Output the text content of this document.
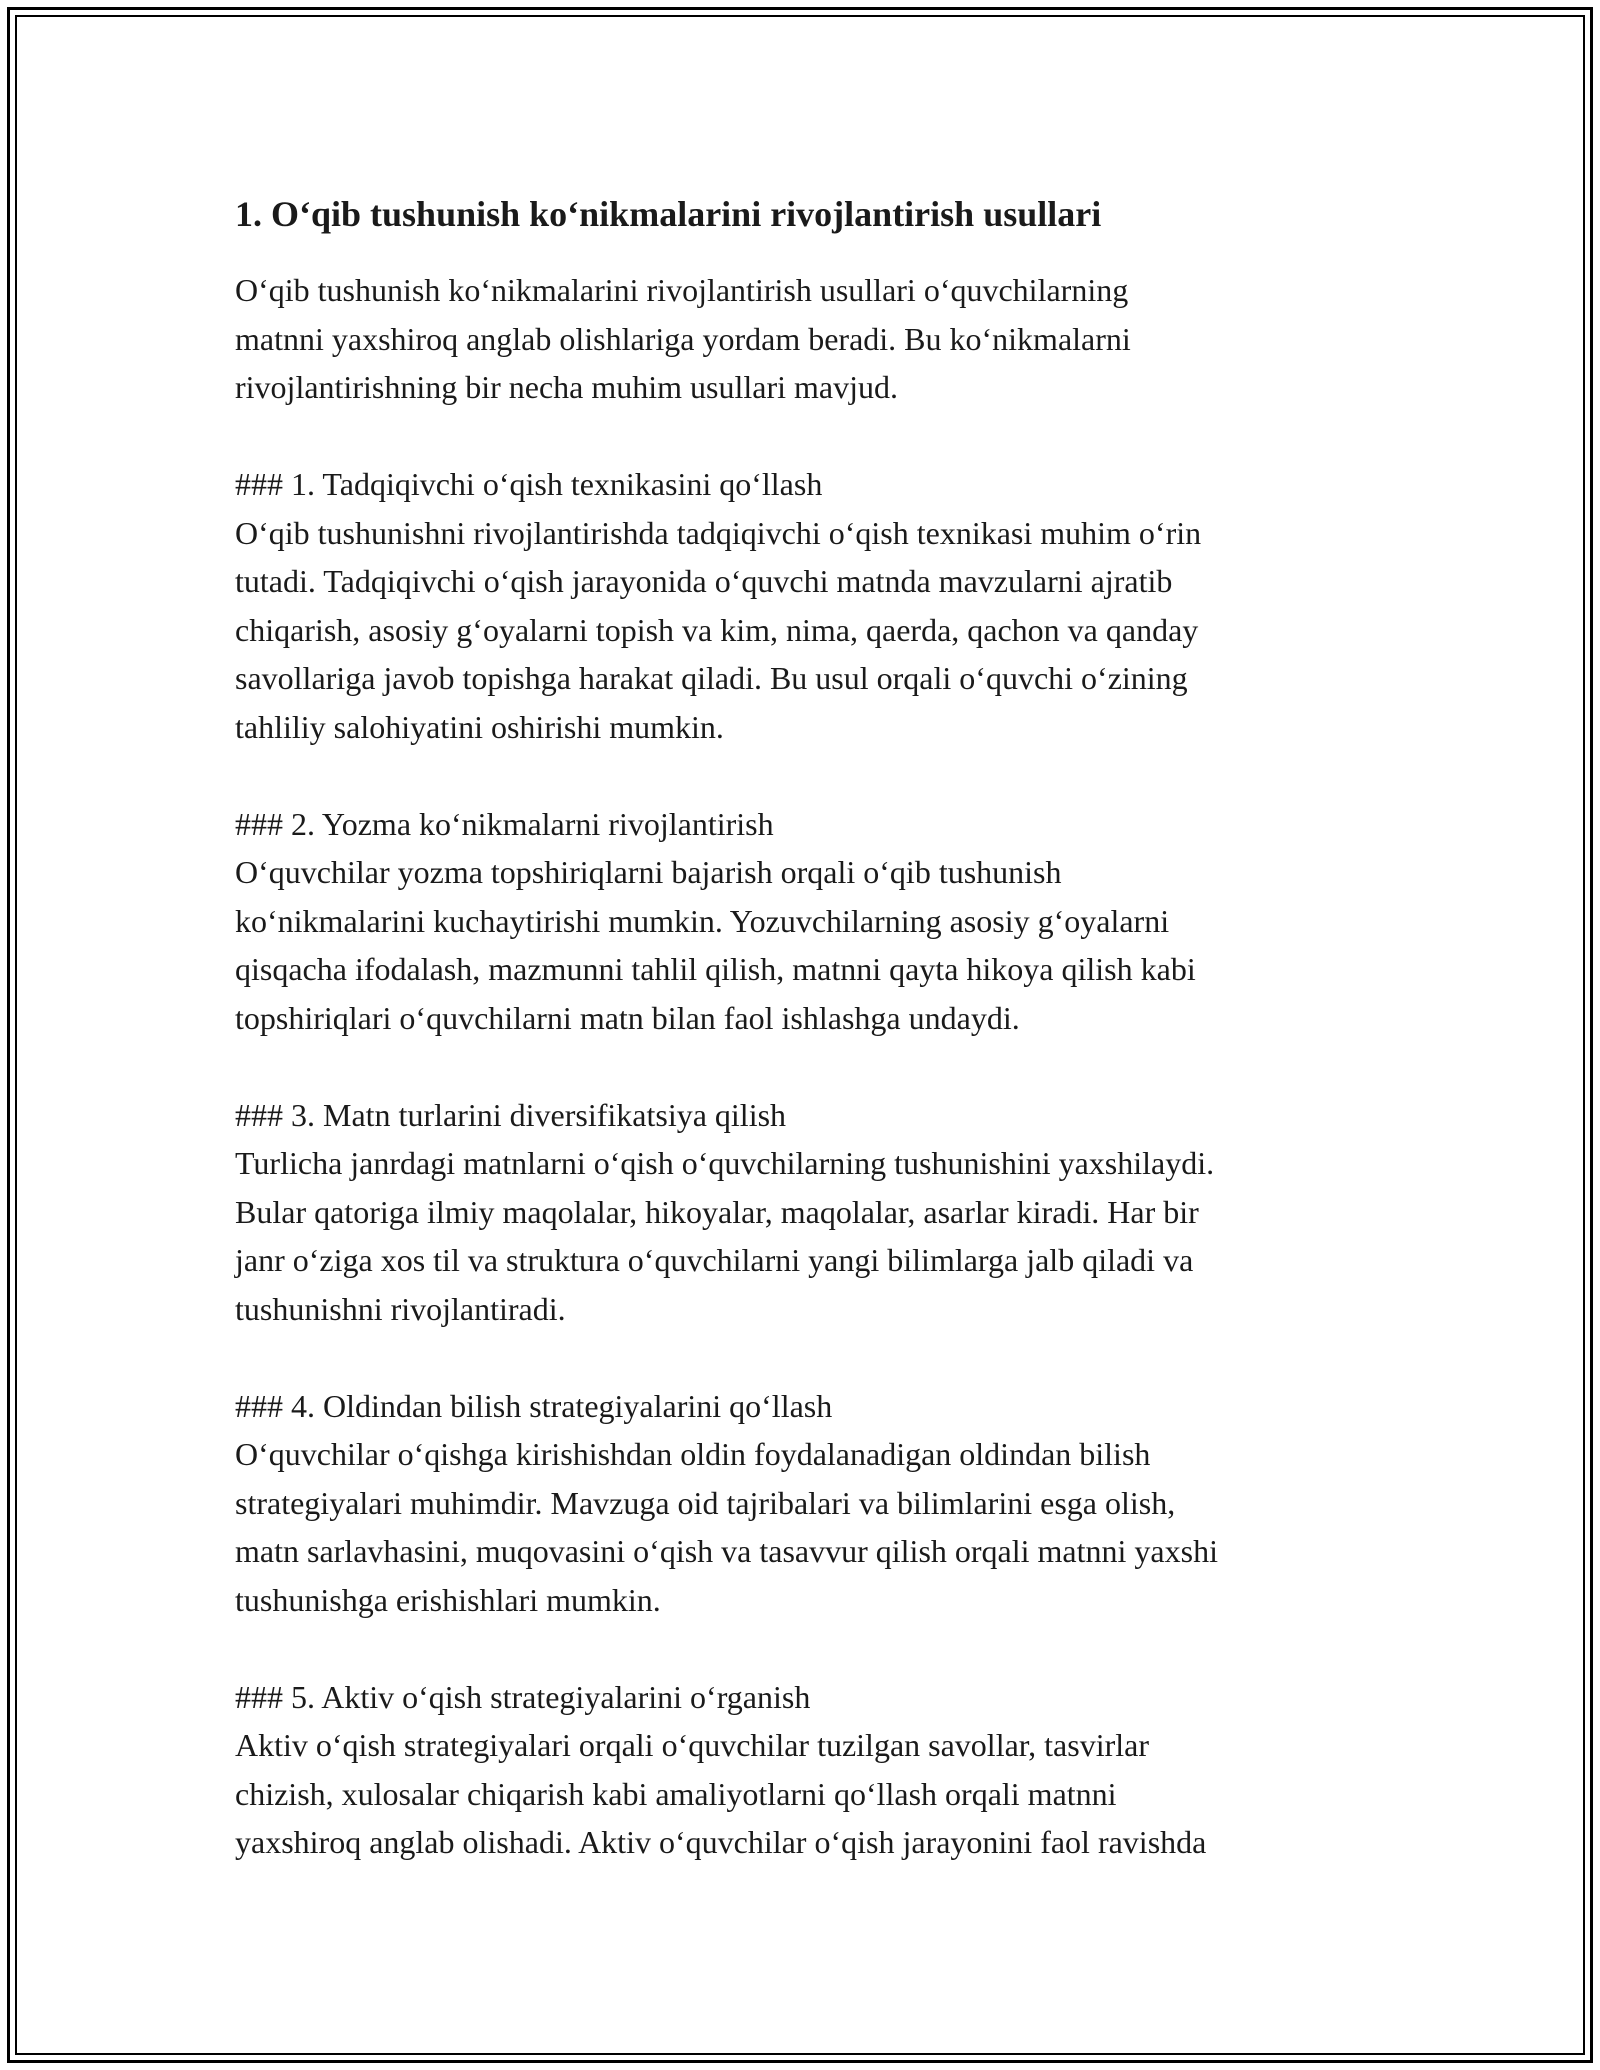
1. Oʻqib tushunish koʻnikmalarini rivojlantirish usullari

Oʻqib tushunish koʻnikmalarini rivojlantirish usullari oʻquvchilarning
matnni yaxshiroq anglab olishlariga yordam beradi. Bu koʻnikmalarni
rivojlantirishning bir necha muhim usullari mavjud.

### 1. Tadqiqivchi oʻqish texnikasini qoʻllash
Oʻqib tushunishni rivojlantirishda tadqiqivchi oʻqish texnikasi muhim oʻrin
tutadi. Tadqiqivchi oʻqish jarayonida oʻquvchi matnda mavzularni ajratib
chiqarish, asosiy gʻoyalarni topish va kim, nima, qaerda, qachon va qanday
savollariga javob topishga harakat qiladi. Bu usul orqali oʻquvchi oʻzining
tahliliy salohiyatini oshirishi mumkin.

### 2. Yozma koʻnikmalarni rivojlantirish
Oʻquvchilar yozma topshiriqlarni bajarish orqali oʻqib tushunish
koʻnikmalarini kuchaytirishi mumkin. Yozuvchilarning asosiy gʻoyalarni
qisqacha ifodalash, mazmunni tahlil qilish, matnni qayta hikoya qilish kabi
topshiriqlari oʻquvchilarni matn bilan faol ishlashga undaydi.

### 3. Matn turlarini diversifikatsiya qilish
Turlicha janrdagi matnlarni oʻqish oʻquvchilarning tushunishini yaxshilaydi.
Bular qatoriga ilmiy maqolalar, hikoyalar, maqolalar, asarlar kiradi. Har bir
janr oʻziga xos til va struktura oʻquvchilarni yangi bilimlarga jalb qiladi va
tushunishni rivojlantiradi.

### 4. Oldindan bilish strategiyalarini qoʻllash
Oʻquvchilar oʻqishga kirishishdan oldin foydalanadigan oldindan bilish
strategiyalari muhimdir. Mavzuga oid tajribalari va bilimlarini esga olish,
matn sarlavhasini, muqovasini oʻqish va tasavvur qilish orqali matnni yaxshi
tushunishga erishishlari mumkin.

### 5. Aktiv oʻqish strategiyalarini oʻrganish
Aktiv oʻqish strategiyalari orqali oʻquvchilar tuzilgan savollar, tasvirlar
chizish, xulosalar chiqarish kabi amaliyotlarni qoʻllash orqali matnni
yaxshiroq anglab olishadi. Aktiv oʻquvchilar oʻqish jarayonini faol ravishda
